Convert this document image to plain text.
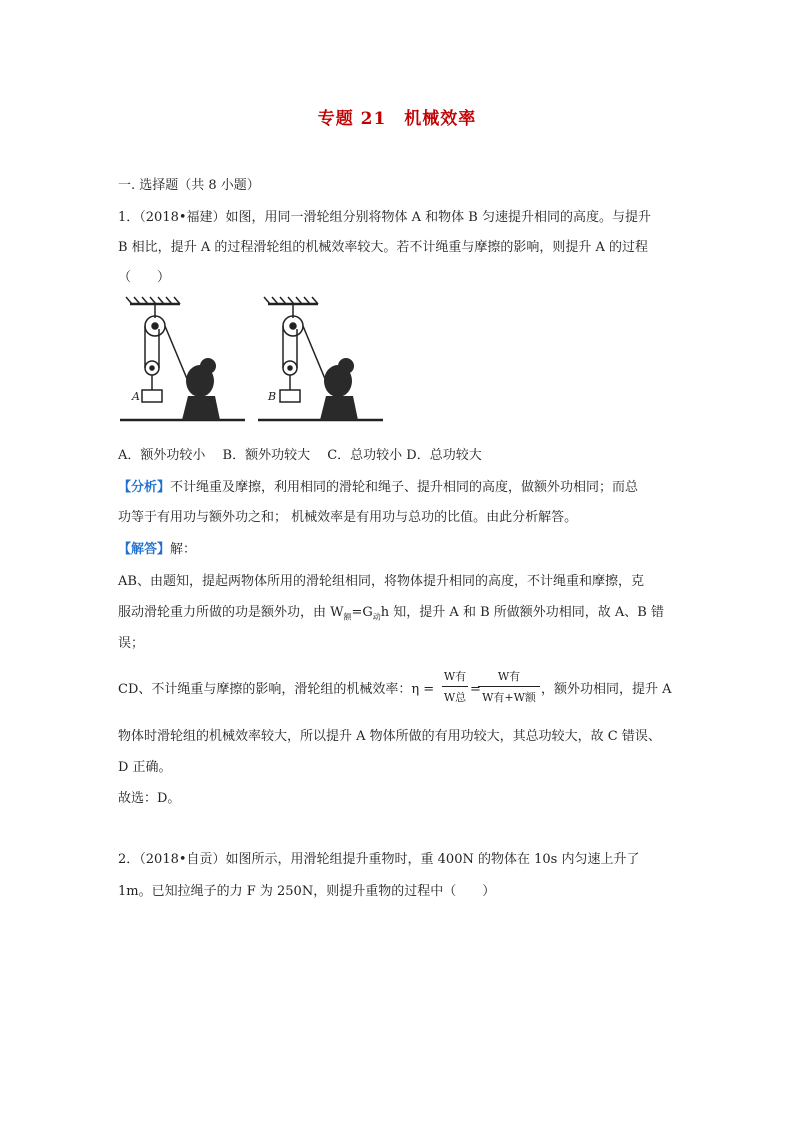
专题 21 机械效率
一. 选择题（共 8 小题）
1．（2018•福建）如图，用同一滑轮组分别将物体 A 和物体 B 匀速提升相同的高度。与提升
B 相比，提升 A 的过程滑轮组的机械效率较大。若不计绳重与摩擦的影响，则提升 A 的过程
（　　）
A	B
A．额外功较小　 B．额外功较大　 C．总功较小 D．总功较大
【分析】不计绳重及摩擦，利用相同的滑轮和绳子、提升相同的高度，做额外功相同；而总
功等于有用功与额外功之和； 机械效率是有用功与总功的比值。由此分析解答。
【解答】解：
AB、由题知，提起两物体所用的滑轮组相同，将物体提升相同的高度，不计绳重和摩擦，克
服动滑轮重力所做的功是额外功，由 $W_额=G_动h$ 知，提升 A 和 B 所做额外功相同，故 A、B 错
误；
CD、不计绳重与摩擦的影响，滑轮组的机械效率：η =
W有
W总
=
W有
W有+W额
，额外功相同，提升 A
物体时滑轮组的机械效率较大，所以提升 A 物体所做的有用功较大，其总功较大，故 C 错误、
D 正确。
故选：D。
2．（2018•自贡）如图所示，用滑轮组提升重物时，重 400N 的物体在 10s 内匀速上升了
1m。已知拉绳子的力 F 为 250N，则提升重物的过程中（　　）
